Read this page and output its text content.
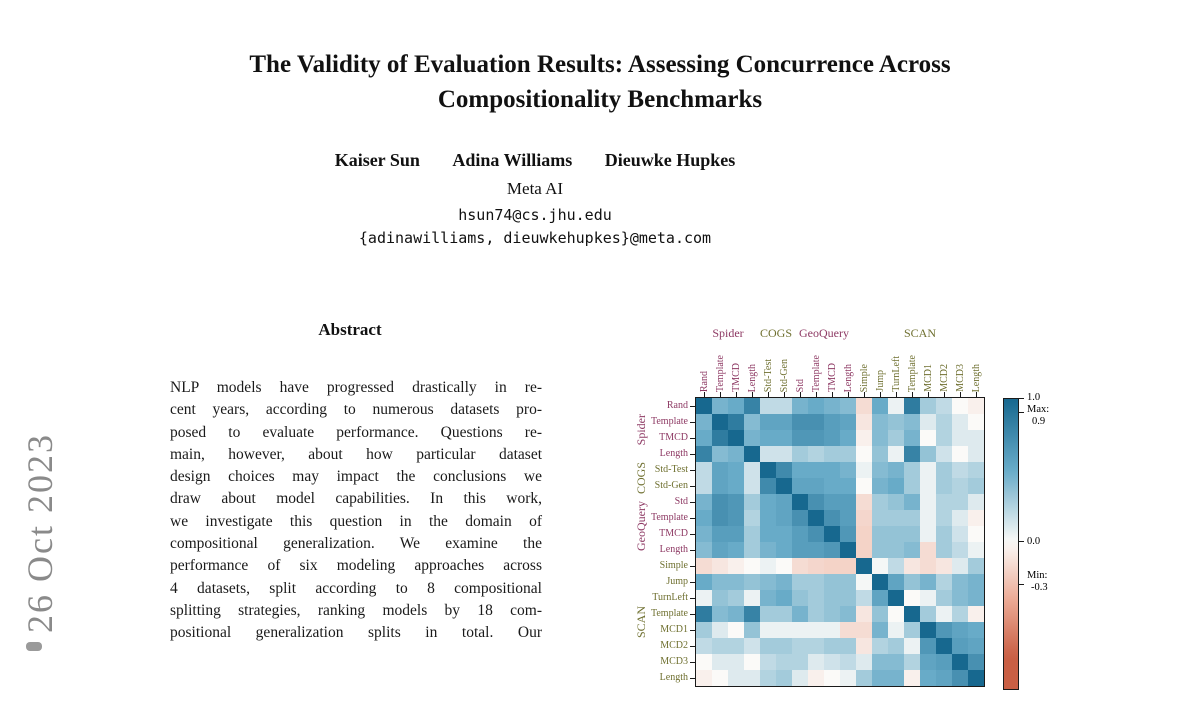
26 Oct 2023
The Validity of Evaluation Results: Assessing Concurrence Across
Compositionality Benchmarks
Kaiser Sun Adina Williams Dieuwke Hupkes
Meta AI
hsun74@cs.jhu.edu
{adinawilliams, dieuwkehupkes}@meta.com
Abstract
NLP models have progressed drastically in re-
cent years, according to numerous datasets pro-
posed to evaluate performance. Questions re-
main, however, about how particular dataset
design choices may impact the conclusions we
draw about model capabilities. In this work,
we investigate this question in the domain of
compositional generalization. We examine the
performance of six modeling approaches across
4 datasets, split according to 8 compositional
splitting strategies, ranking models by 18 com-
positional generalization splits in total. Our
1.0
Max:
0.9
0.0
Min:
-0.3
Rand
Rand
Template
Template
TMCD
TMCD
Length
Length
Std-Test
Std-Test
Std-Gen
Std-Gen
Std
Std
Template
Template
TMCD
TMCD
Length
Length
Simple
Simple
Jump
Jump
TurnLeft
TurnLeft
Template
Template
MCD1
MCD1
MCD2
MCD2
MCD3
MCD3
Length
Length
Spider
Spider
COGS
COGS
GeoQuery
GeoQuery
SCAN
SCAN
